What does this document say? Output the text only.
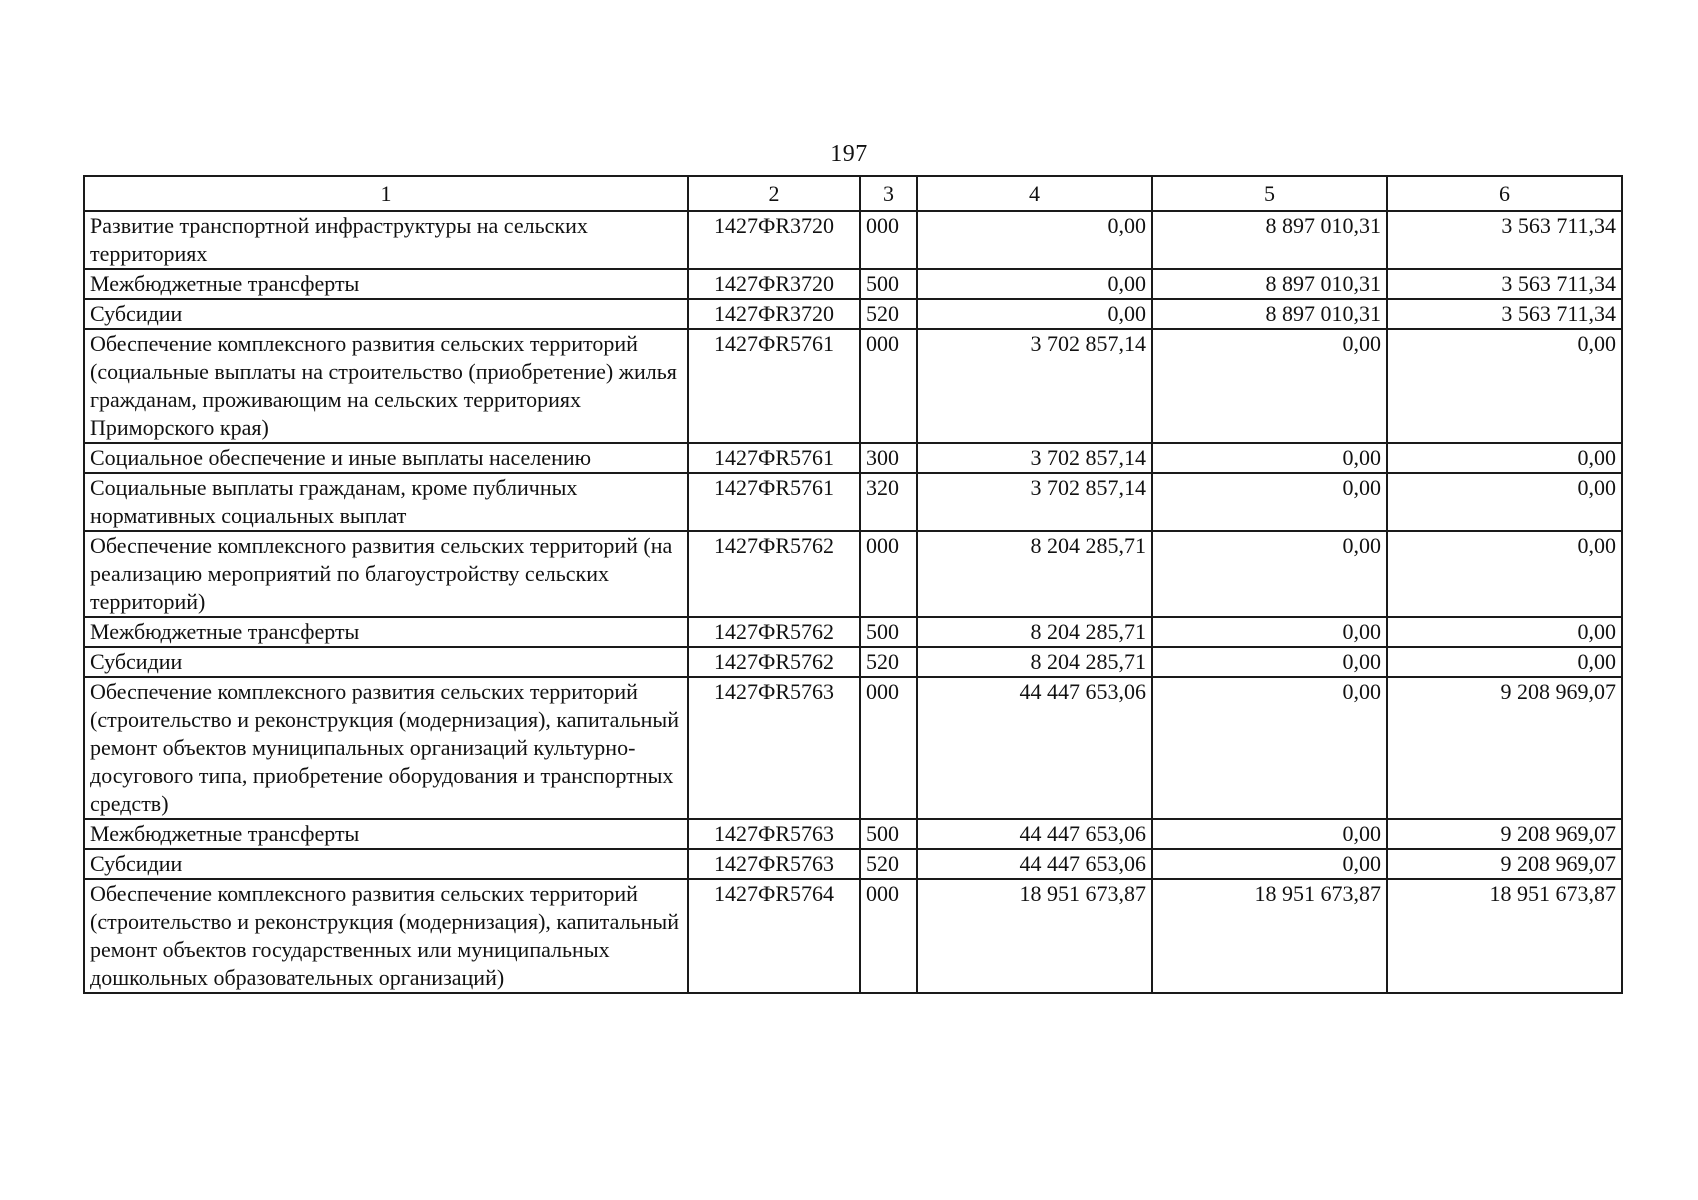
197
1	2	3	4	5	6
Развитие транспортной инфраструктуры на сельских территориях	1427ФR3720	000	0,00	8 897 010,31	3 563 711,34
Межбюджетные трансферты	1427ФR3720	500	0,00	8 897 010,31	3 563 711,34
Субсидии	1427ФR3720	520	0,00	8 897 010,31	3 563 711,34
Обеспечение комплексного развития сельских территорий (социальные выплаты на строительство (приобретение) жилья гражданам, проживающим на сельских территориях Приморского края)	1427ФR5761	000	3 702 857,14	0,00	0,00
Социальное обеспечение и иные выплаты населению	1427ФR5761	300	3 702 857,14	0,00	0,00
Социальные выплаты гражданам, кроме публичных нормативных социальных выплат	1427ФR5761	320	3 702 857,14	0,00	0,00
Обеспечение комплексного развития сельских территорий (на реализацию мероприятий по благоустройству сельских территорий)	1427ФR5762	000	8 204 285,71	0,00	0,00
Межбюджетные трансферты	1427ФR5762	500	8 204 285,71	0,00	0,00
Субсидии	1427ФR5762	520	8 204 285,71	0,00	0,00
Обеспечение комплексного развития сельских территорий (строительство и реконструкция (модернизация), капитальный ремонт объектов муниципальных организаций культурно-досугового типа, приобретение оборудования и транспортных средств)	1427ФR5763	000	44 447 653,06	0,00	9 208 969,07
Межбюджетные трансферты	1427ФR5763	500	44 447 653,06	0,00	9 208 969,07
Субсидии	1427ФR5763	520	44 447 653,06	0,00	9 208 969,07
Обеспечение комплексного развития сельских территорий (строительство и реконструкция (модернизация), капитальный ремонт объектов государственных или муниципальных дошкольных образовательных организаций)	1427ФR5764	000	18 951 673,87	18 951 673,87	18 951 673,87
